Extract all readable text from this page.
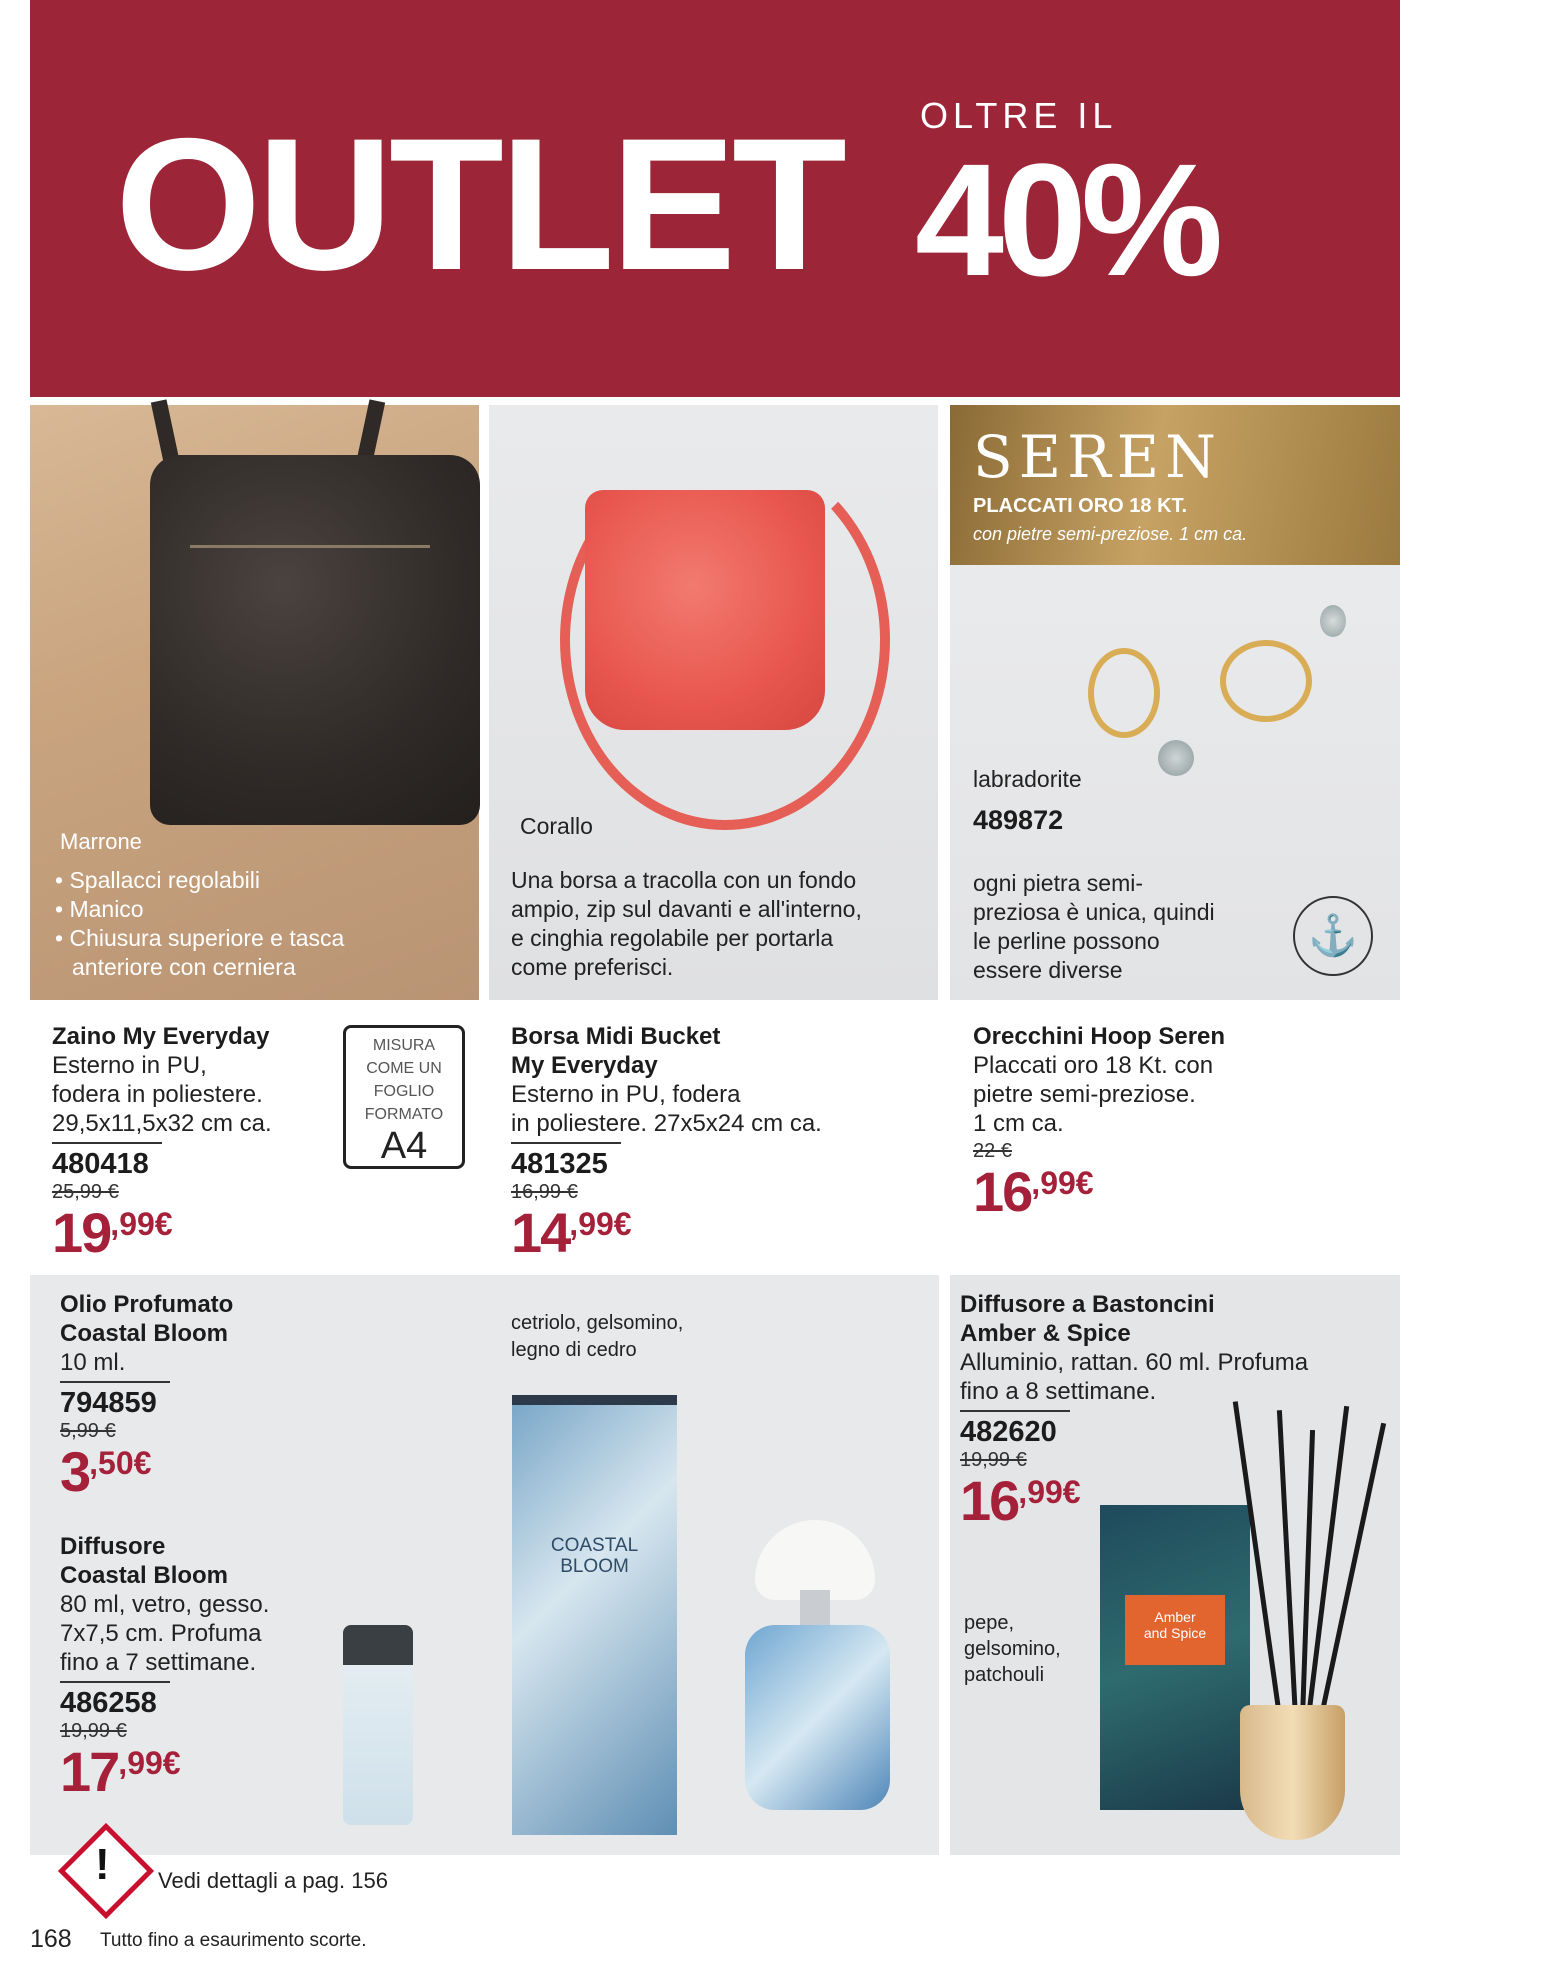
OLTRE IL
OUTLET 40%
Marrone
• Spallacci regolabili
• Manico
• Chiusura superiore e tasca
anteriore con cerniera
Corallo
Una borsa a tracolla con un fondo
ampio, zip sul davanti e all'interno,
e cinghia regolabile per portarla
come preferisci.
SEREN
PLACCATI ORO 18 KT.
con pietre semi-preziose. 1 cm ca.
labradorite
489872
ogni pietra semi-
preziosa è unica, quindi
le perline possono
essere diverse
⚓
Zaino My Everyday
Esterno in PU,
fodera in poliestere.
29,5x11,5x32 cm ca.
480418
25,99 €
19,99€
MISURA
COME UN
FOGLIO
FORMATO
A4
Borsa Midi Bucket
My Everyday
Esterno in PU, fodera
in poliestere. 27x5x24 cm ca.
481325
16,99 €
14,99€
Orecchini Hoop Seren
Placcati oro 18 Kt. con
pietre semi-preziose.
1 cm ca.
22 €
16,99€
Olio Profumato
Coastal Bloom
10 ml.
794859
5,99 €
3,50€
Diffusore
Coastal Bloom
80 ml, vetro, gesso.
7x7,5 cm. Profuma
fino a 7 settimane.
486258
19,99 €
17,99€
cetriolo, gelsomino,
legno di cedro
COASTAL
BLOOM
Diffusore a Bastoncini
Amber & Spice
Alluminio, rattan. 60 ml. Profuma
fino a 8 settimane.
482620
19,99 €
16,99€
pepe,
gelsomino,
patchouli
Amber
and Spice
! Vedi dettagli a pag. 156
168 Tutto fino a esaurimento scorte.
